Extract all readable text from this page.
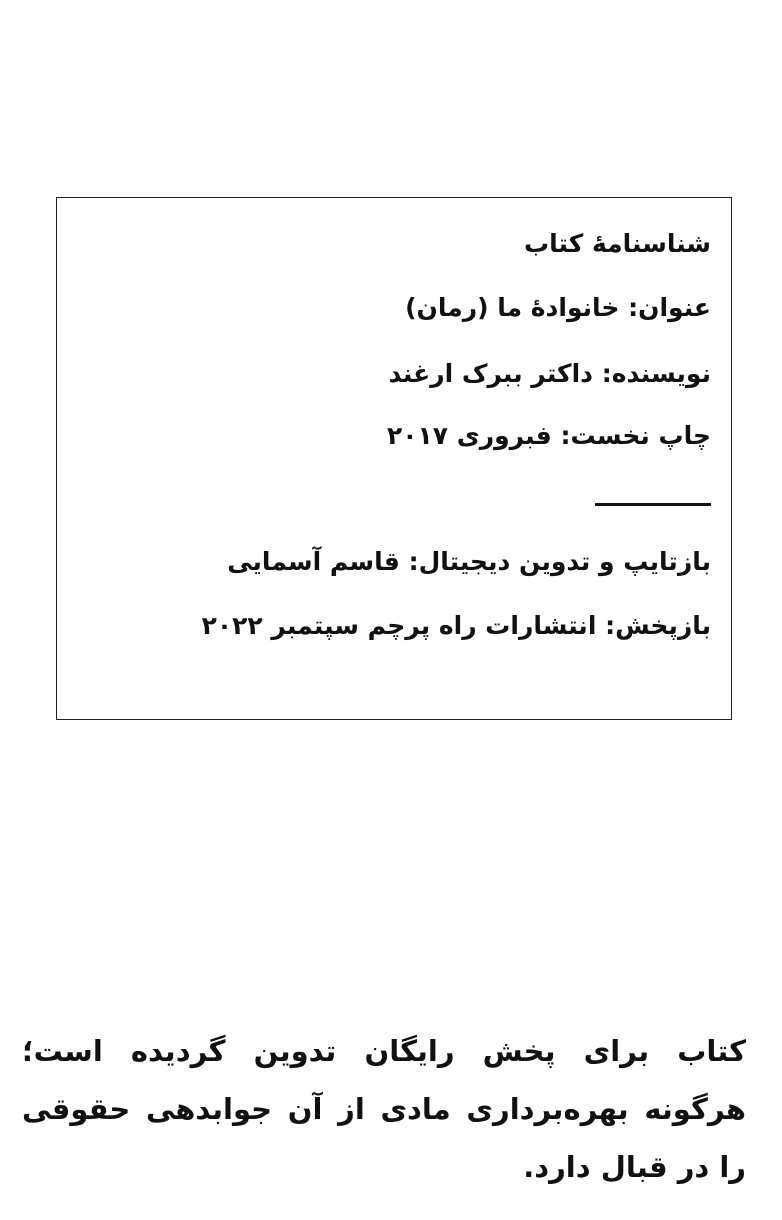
شناسنامۀ کتاب
عنوان: خانوادۀ ما (رمان)
نویسنده: داکتر ببرک ارغند
چاپ نخست: فبروری ۲۰۱۷
بازتایپ و تدوین دیجیتال: قاسم آسمایی
بازپخش: انتشارات راه پرچم سپتمبر ۲۰۲۲
کتاب برای پخش رایگان تدوین گردیده است؛ هرگونه بهره‌برداری مادی از آن جوابدهی حقوقی را در قبال دارد.
